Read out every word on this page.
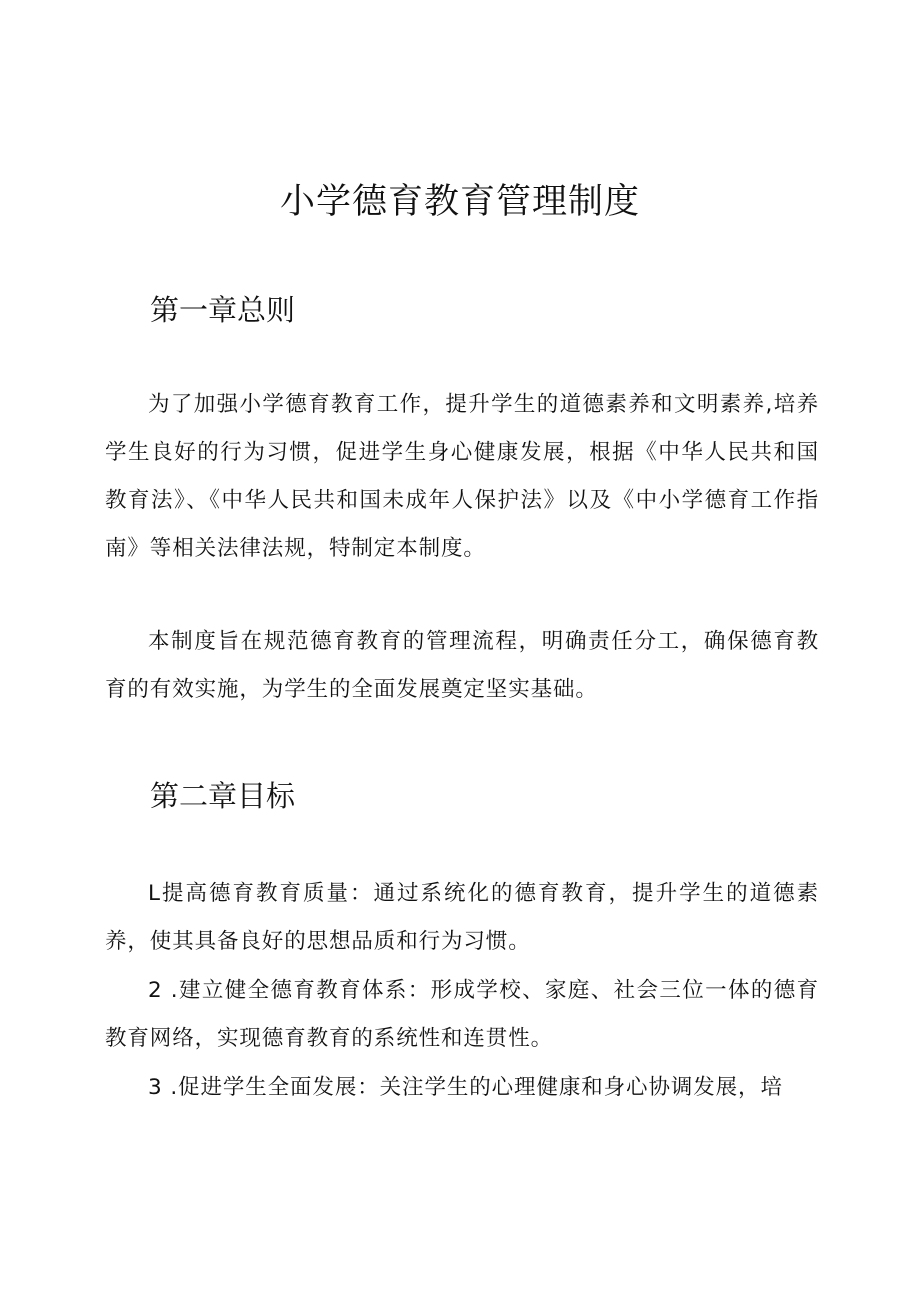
小学德育教育管理制度
第一章总则

为了加强小学德育教育工作，提升学生的道德素养和文明素养,培养学生良好的行为习惯，促进学生身心健康发展，根据《中华人民共和国教育法》、《中华人民共和国未成年人保护法》以及《中小学德育工作指南》等相关法律法规，特制定本制度。

本制度旨在规范德育教育的管理流程，明确责任分工，确保德育教育的有效实施，为学生的全面发展奠定坚实基础。

第二章目标

L提高德育教育质量：通过系统化的德育教育，提升学生的道德素养，使其具备良好的思想品质和行为习惯。

2 .建立健全德育教育体系：形成学校、家庭、社会三位一体的德育教育网络，实现德育教育的系统性和连贯性。

3 .促进学生全面发展：关注学生的心理健康和身心协调发展，培
